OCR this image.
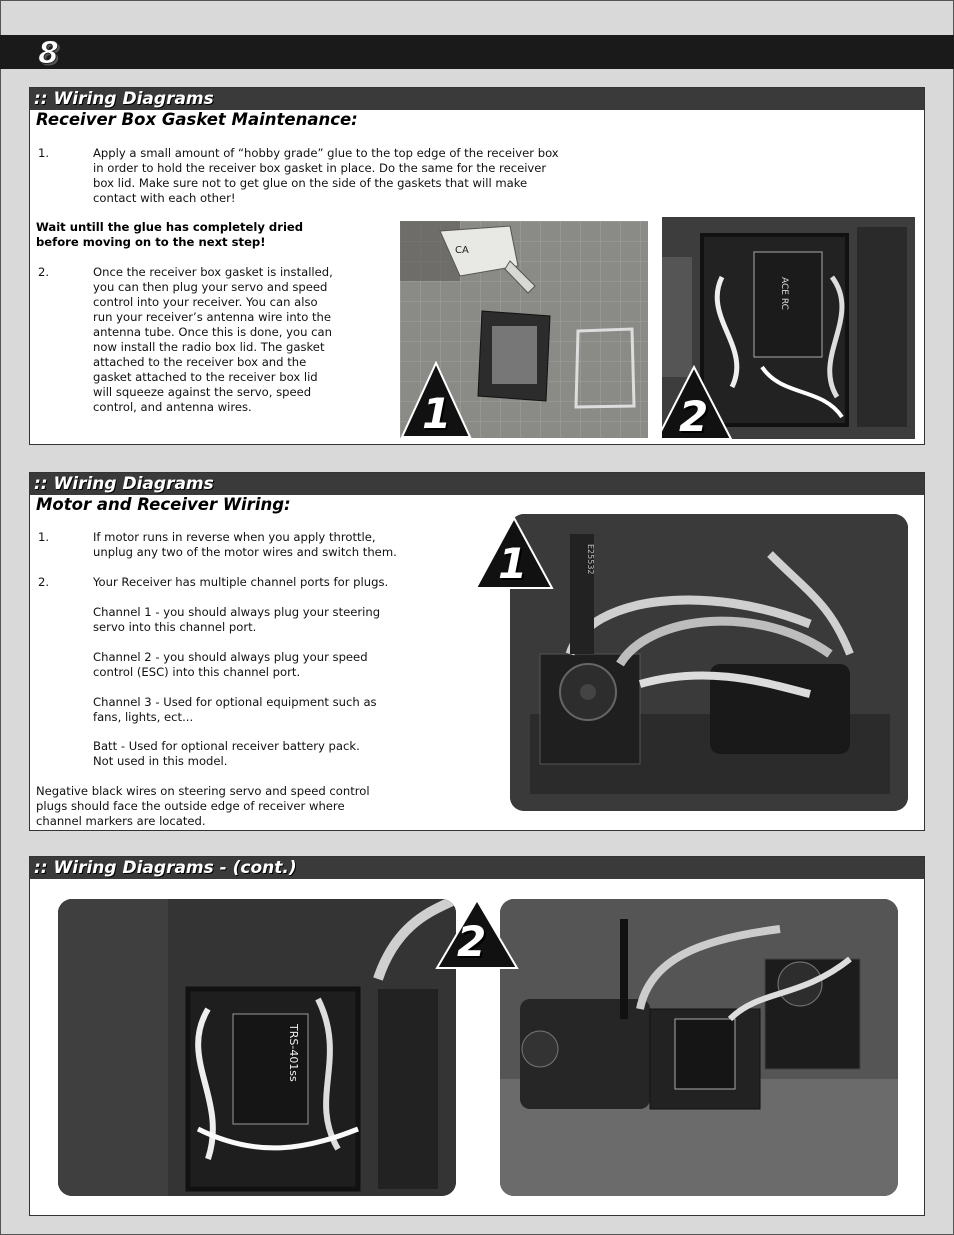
8
:: Wiring Diagrams
Receiver Box Gasket Maintenance:
1.	Apply a small amount of “hobby grade” glue to the top edge of the receiver box
in order to hold the receiver box gasket in place. Do the same for the receiver
box lid. Make sure not to get glue on the side of the gaskets that will make
contact with each other!
Wait untill the glue has completely dried
before moving on to the next step!
2.	Once the receiver box gasket is installed,
you can then plug your servo and speed
control into your receiver. You can also
run your receiver’s antenna wire into the
antenna tube. Once this is done, you can
now install the radio box lid. The gasket
attached to the receiver box and the
gasket attached to the receiver box lid
will squeeze against the servo, speed
control, and antenna wires.
CA
1
ACE RC
2
:: Wiring Diagrams
Motor and Receiver Wiring:
1.	If motor runs in reverse when you apply throttle,
unplug any two of the motor wires and switch them.
2.	Your Receiver has multiple channel ports for plugs.
Channel 1 - you should always plug your steering
servo into this channel port.
Channel 2 - you should always plug your speed
control (ESC) into this channel port.
Channel 3 - Used for optional equipment such as
fans, lights, ect...
Batt - Used for optional receiver battery pack.
Not used in this model.
Negative black wires on steering servo and speed control
plugs should face the outside edge of receiver where
channel markers are located.
E25532
1
:: Wiring Diagrams - (cont.)
TRS-401ss
2
